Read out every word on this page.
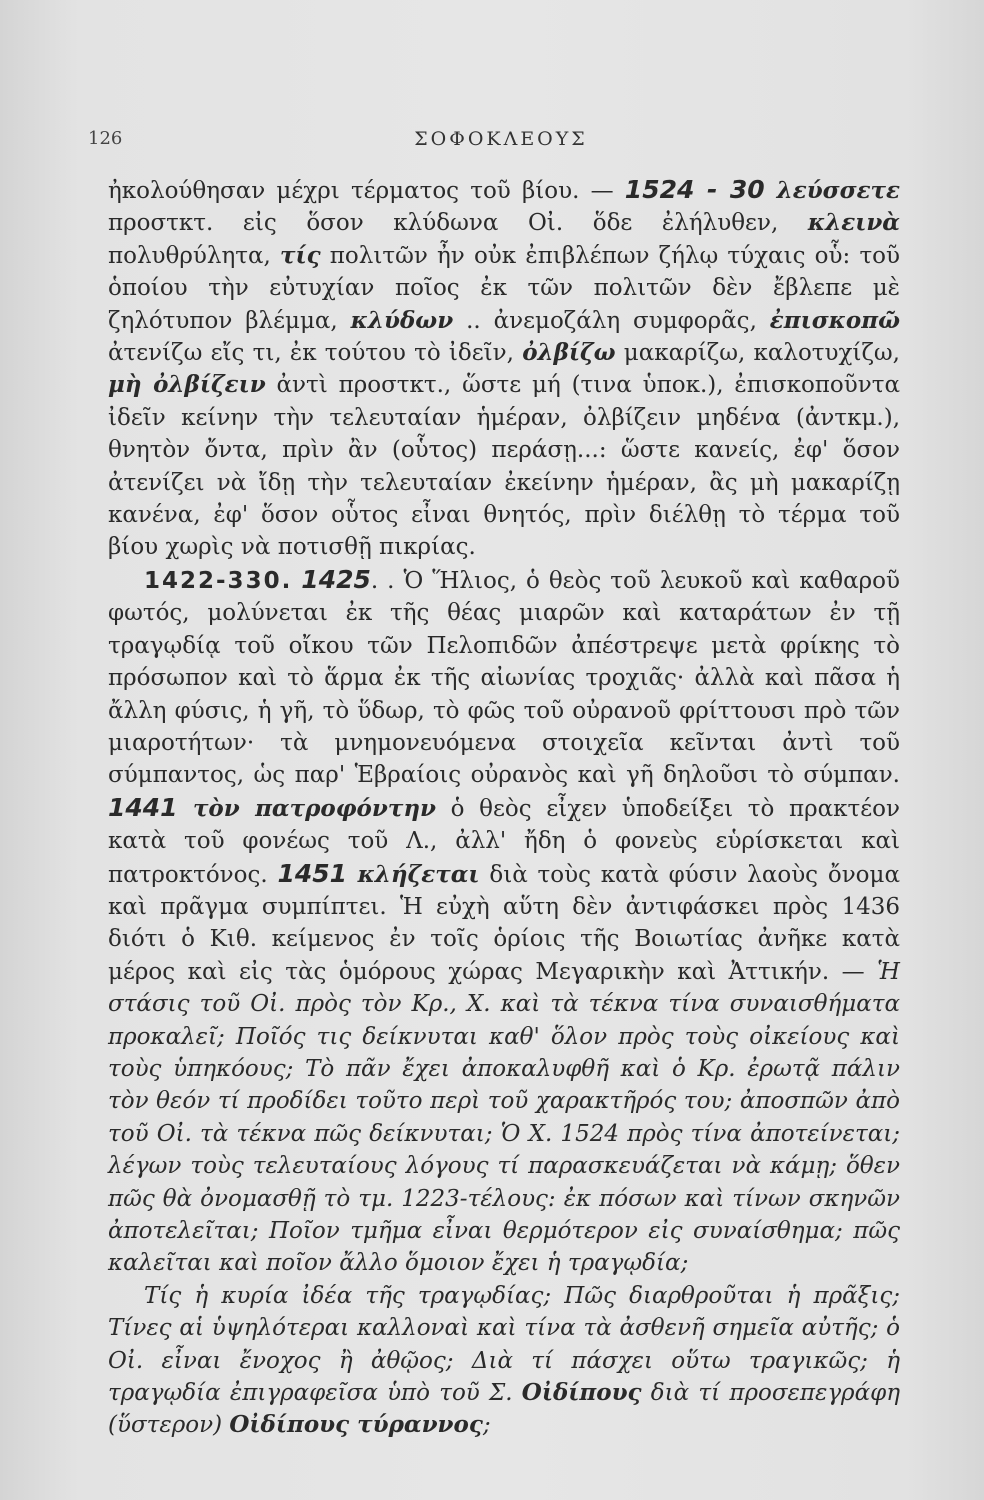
126	ΣΟΦΟΚΛΕΟΥΣ

ἠκολούθησαν μέχρι τέρματος τοῦ βίου. — 1524 - 30 λεύσσετε προστκτ. εἰς ὅσον κλύδωνα Οἰ. ὅδε ἐλήλυθεν, κλεινὰ πολυθρύλητα, τίς πολιτῶν ἦν οὐκ ἐπιβλέπων ζήλῳ τύχαις οὗ: τοῦ ὁποίου τὴν εὐτυχίαν ποῖος ἐκ τῶν πολιτῶν δὲν ἔβλεπε μὲ ζηλότυπον βλέμμα, κλύδων .. ἀνεμοζάλη συμφορᾶς, ἐπισκοπῶ ἀτενίζω εἴς τι, ἐκ τούτου τὸ ἰδεῖν, ὀλβίζω μακαρίζω, καλοτυχίζω, μὴ ὀλβίζειν ἀντὶ προστκτ., ὥστε μή (τινα ὑποκ.), ἐπισκοποῦντα ἰδεῖν κείνην τὴν τελευταίαν ἡμέραν, ὀλβίζειν μηδένα (ἀντκμ.), θνητὸν ὄντα, πρὶν ἂν (οὗτος) περάσῃ...: ὥστε κανείς, ἐφ' ὅσον ἀτενίζει νὰ ἴδῃ τὴν τελευταίαν ἐκείνην ἡμέραν, ἂς μὴ μακαρίζῃ κανένα, ἐφ' ὅσον οὗτος εἶναι θνητός, πρὶν διέλθῃ τὸ τέρμα τοῦ βίου χωρὶς νὰ ποτισθῇ πικρίας.

1422-330. 1425. . Ὁ Ἥλιος, ὁ θεὸς τοῦ λευκοῦ καὶ καθαροῦ φωτός, μολύνεται ἐκ τῆς θέας μιαρῶν καὶ καταράτων ἐν τῇ τραγῳδίᾳ τοῦ οἴκου τῶν Πελοπιδῶν ἀπέστρεψε μετὰ φρίκης τὸ πρόσωπον καὶ τὸ ἅρμα ἐκ τῆς αἰωνίας τροχιᾶς· ἀλλὰ καὶ πᾶσα ἡ ἄλλη φύσις, ἡ γῆ, τὸ ὕδωρ, τὸ φῶς τοῦ οὐρανοῦ φρίττουσι πρὸ τῶν μιαροτήτων· τὰ μνημονευόμενα στοιχεῖα κεῖνται ἀντὶ τοῦ σύμπαντος, ὡς παρ' Ἑβραίοις οὐρανὸς καὶ γῆ δηλοῦσι τὸ σύμπαν. 1441 τὸν πατροφόντην ὁ θεὸς εἶχεν ὑποδείξει τὸ πρακτέον κατὰ τοῦ φονέως τοῦ Λ., ἀλλ' ἤδη ὁ φονεὺς εὑρίσκεται καὶ πατροκτόνος. 1451 κλήζεται διὰ τοὺς κατὰ φύσιν λαοὺς ὄνομα καὶ πρᾶγμα συμπίπτει. Ἡ εὐχὴ αὕτη δὲν ἀντιφάσκει πρὸς 1436 διότι ὁ Κιθ. κείμενος ἐν τοῖς ὁρίοις τῆς Βοιωτίας ἀνῆκε κατὰ μέρος καὶ εἰς τὰς ὁμόρους χώρας Μεγαρικὴν καὶ Ἀττικήν. — Ἡ στάσις τοῦ Οἰ. πρὸς τὸν Κρ., Χ. καὶ τὰ τέκνα τίνα συναισθήματα προκαλεῖ; Ποῖός τις δείκνυται καθ' ὅλον πρὸς τοὺς οἰκείους καὶ τοὺς ὑπηκόους; Τὸ πᾶν ἔχει ἀποκαλυφθῆ καὶ ὁ Κρ. ἐρωτᾷ πάλιν τὸν θεόν τί προδίδει τοῦτο περὶ τοῦ χαρακτῆρός του; ἀποσπῶν ἀπὸ τοῦ Οἰ. τὰ τέκνα πῶς δείκνυται; Ὁ Χ. 1524 πρὸς τίνα ἀποτείνεται; λέγων τοὺς τελευταίους λόγους τί παρασκευάζεται νὰ κάμῃ; ὅθεν πῶς θὰ ὀνομασθῇ τὸ τμ. 1223-τέλους: ἐκ πόσων καὶ τίνων σκηνῶν ἀποτελεῖται; Ποῖον τμῆμα εἶναι θερμότερον εἰς συναίσθημα; πῶς καλεῖται καὶ ποῖον ἄλλο ὅμοιον ἔχει ἡ τραγῳδία;

Τίς ἡ κυρία ἰδέα τῆς τραγῳδίας; Πῶς διαρθροῦται ἡ πρᾶξις; Τίνες αἱ ὑψηλότεραι καλλοναὶ καὶ τίνα τὰ ἀσθενῆ σημεῖα αὐτῆς; ὁ Οἰ. εἶναι ἔνοχος ἢ ἀθῷος; Διὰ τί πάσχει οὕτω τραγικῶς; ἡ τραγῳδία ἐπιγραφεῖσα ὑπὸ τοῦ Σ. Οἰδίπους διὰ τί προσεπεγράφη (ὕστερον) Οἰδίπους τύραννος;
